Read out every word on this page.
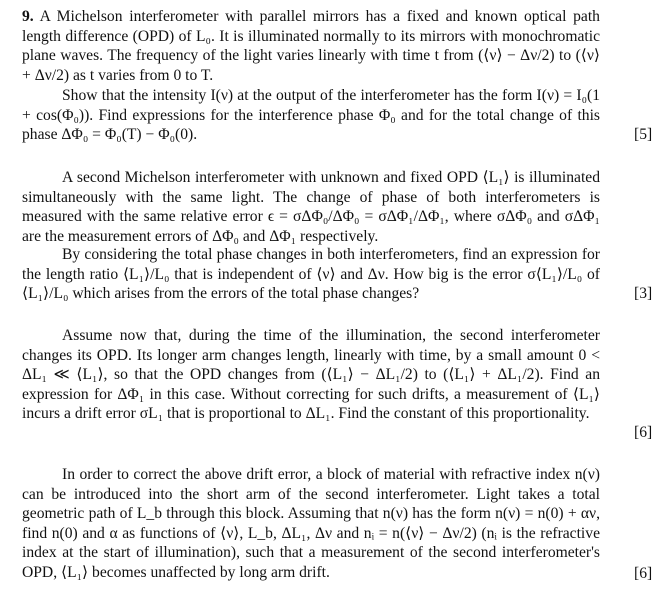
9. A Michelson interferometer with parallel mirrors has a fixed and known optical path length difference (OPD) of L₀. It is illuminated normally to its mirrors with monochromatic plane waves. The frequency of the light varies linearly with time t from (⟨ν⟩ − Δν/2) to (⟨ν⟩ + Δν/2) as t varies from 0 to T.

Show that the intensity I(ν) at the output of the interferometer has the form I(ν) = I₀(1 + cos(Φ₀)). Find expressions for the interference phase Φ₀ and for the total change of this phase ΔΦ₀ = Φ₀(T) − Φ₀(0).	[5]

A second Michelson interferometer with unknown and fixed OPD ⟨L₁⟩ is illuminated simultaneously with the same light. The change of phase of both interferometers is measured with the same relative error ϵ = σΔΦ₀/ΔΦ₀ = σΔΦ₁/ΔΦ₁, where σΔΦ₀ and σΔΦ₁ are the measurement errors of ΔΦ₀ and ΔΦ₁ respectively.

By considering the total phase changes in both interferometers, find an expression for the length ratio ⟨L₁⟩/L₀ that is independent of ⟨ν⟩ and Δν. How big is the error σ⟨L₁⟩/L₀ of ⟨L₁⟩/L₀ which arises from the errors of the total phase changes?	[3]

Assume now that, during the time of the illumination, the second interferometer changes its OPD. Its longer arm changes length, linearly with time, by a small amount 0 < ΔL₁ ≪ ⟨L₁⟩, so that the OPD changes from (⟨L₁⟩ − ΔL₁/2) to (⟨L₁⟩ + ΔL₁/2). Find an expression for ΔΦ₁ in this case. Without correcting for such drifts, a measurement of ⟨L₁⟩ incurs a drift error σL₁ that is proportional to ΔL₁. Find the constant of this proportionality.

[6]

In order to correct the above drift error, a block of material with refractive index n(ν) can be introduced into the short arm of the second interferometer. Light takes a total geometric path of L_b through this block. Assuming that n(ν) has the form n(ν) = n(0) + αν, find n(0) and α as functions of ⟨ν⟩, L_b, ΔL₁, Δν and nᵢ = n(⟨ν⟩ − Δν/2) (nᵢ is the refractive index at the start of illumination), such that a measurement of the second interferometer's OPD, ⟨L₁⟩ becomes unaffected by long arm drift.	[6]
